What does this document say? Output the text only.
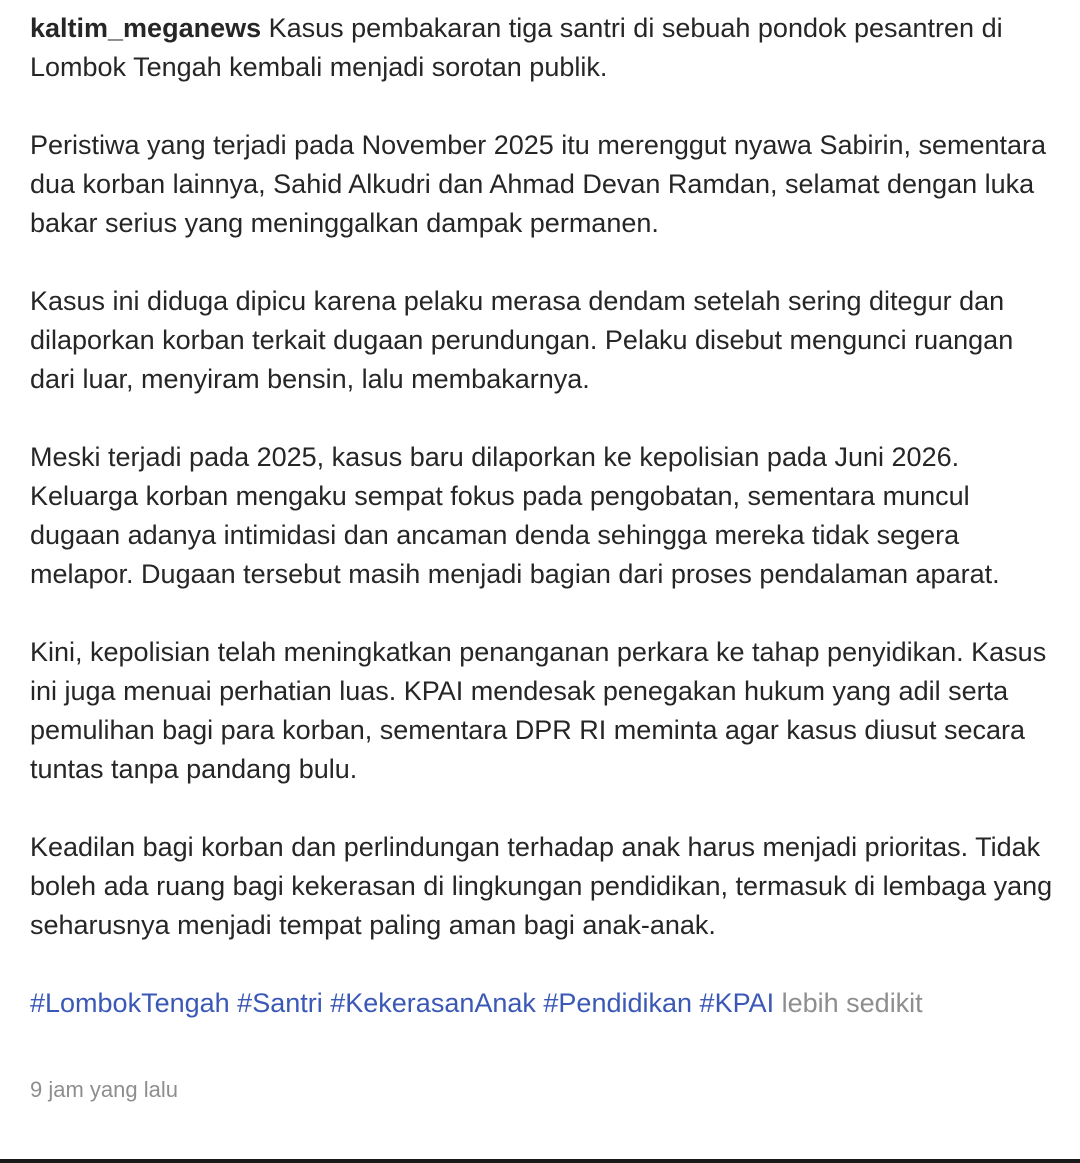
kaltim_meganews Kasus pembakaran tiga santri di sebuah pondok pesantren di Lombok Tengah kembali menjadi sorotan publik.

Peristiwa yang terjadi pada November 2025 itu merenggut nyawa Sabirin, sementara dua korban lainnya, Sahid Alkudri dan Ahmad Devan Ramdan, selamat dengan luka bakar serius yang meninggalkan dampak permanen.

Kasus ini diduga dipicu karena pelaku merasa dendam setelah sering ditegur dan dilaporkan korban terkait dugaan perundungan. Pelaku disebut mengunci ruangan dari luar, menyiram bensin, lalu membakarnya.

Meski terjadi pada 2025, kasus baru dilaporkan ke kepolisian pada Juni 2026. Keluarga korban mengaku sempat fokus pada pengobatan, sementara muncul dugaan adanya intimidasi dan ancaman denda sehingga mereka tidak segera melapor. Dugaan tersebut masih menjadi bagian dari proses pendalaman aparat.

Kini, kepolisian telah meningkatkan penanganan perkara ke tahap penyidikan. Kasus ini juga menuai perhatian luas. KPAI mendesak penegakan hukum yang adil serta pemulihan bagi para korban, sementara DPR RI meminta agar kasus diusut secara tuntas tanpa pandang bulu.

Keadilan bagi korban dan perlindungan terhadap anak harus menjadi prioritas. Tidak boleh ada ruang bagi kekerasan di lingkungan pendidikan, termasuk di lembaga yang seharusnya menjadi tempat paling aman bagi anak-anak.

#LombokTengah #Santri #KekerasanAnak #Pendidikan #KPAI lebih sedikit

9 jam yang lalu
